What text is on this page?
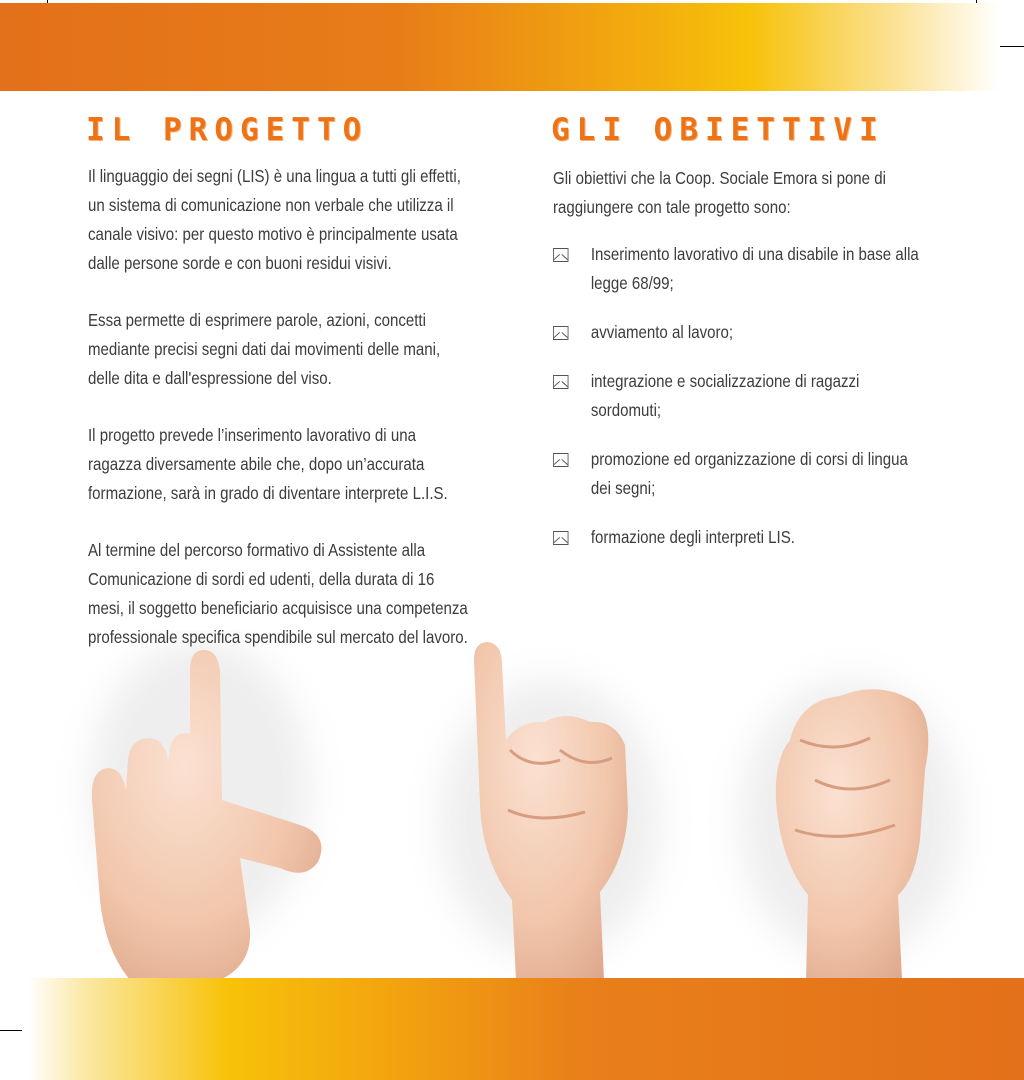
IL PROGETTO	GLI OBIETTIVI

Il linguaggio dei segni (LIS) è una lingua a tutti gli effetti, un sistema di comunicazione non verbale che utilizza il canale visivo: per questo motivo è principalmente usata dalle persone sorde e con buoni residui visivi.

Essa permette di esprimere parole, azioni, concetti mediante precisi segni dati dai movimenti delle mani, delle dita e dall'espressione del viso.

Il progetto prevede l’inserimento lavorativo di una ragazza diversamente abile che, dopo un’accurata formazione, sarà in grado di diventare interprete L.I.S.

Al termine del percorso formativo di Assistente alla Comunicazione di sordi ed udenti, della durata di 16 mesi, il soggetto beneficiario acquisisce una competenza professionale specifica spendibile sul mercato del lavoro.

Gli obiettivi che la Coop. Sociale Emora si pone di raggiungere con tale progetto sono:

Inserimento lavorativo di una disabile in base alla legge 68/99;
avviamento al lavoro;
integrazione e socializzazione di ragazzi sordomuti;
promozione ed organizzazione di corsi di lingua dei segni;
formazione degli interpreti LIS.
